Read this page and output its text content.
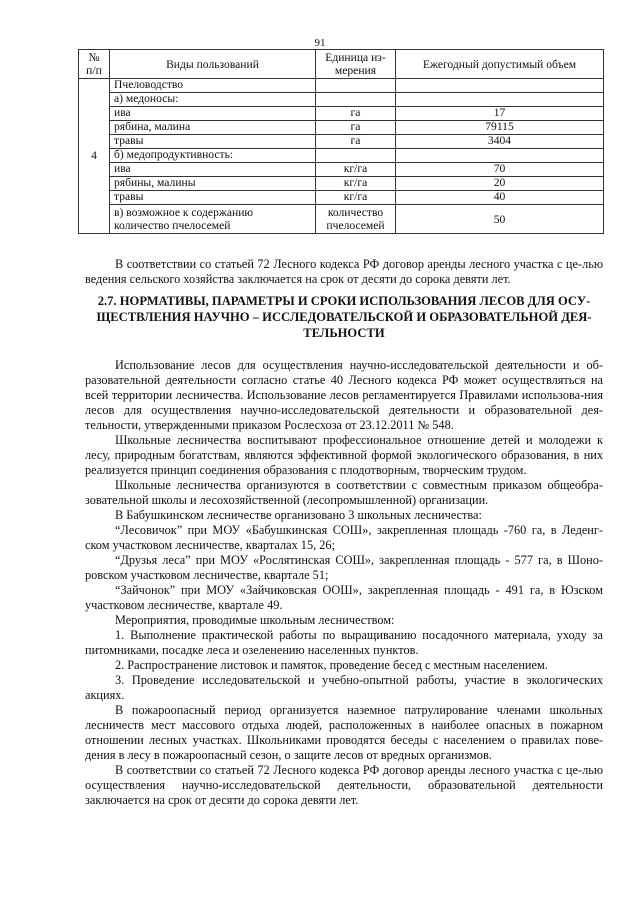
91
№ п/п	Виды пользований	Единица из-мерения	Ежегодный допустимый объем
4	Пчеловодство		
	а) медоносы:		
	ива	га	17
	рябина, малина	га	79115
	травы	га	3404
	б) медопродуктивность:		
	ива	кг/га	70
	рябины, малины	кг/га	20
	травы	кг/га	40
	в) возможное к содержанию количество пчелосемей	количество пчелосемей	50

В соответствии со статьей 72 Лесного кодекса РФ договор аренды лесного участка с це-лью ведения сельского хозяйства заключается на срок от десяти до сорока девяти лет.

2.7. НОРМАТИВЫ, ПАРАМЕТРЫ И СРОКИ ИСПОЛЬЗОВАНИЯ ЛЕСОВ ДЛЯ ОСУ-ЩЕСТВЛЕНИЯ НАУЧНО – ИССЛЕДОВАТЕЛЬСКОЙ И ОБРАЗОВАТЕЛЬНОЙ ДЕЯ-ТЕЛЬНОСТИ

Использование лесов для осуществления научно-исследовательской деятельности и об-разовательной деятельности согласно статье 40 Лесного кодекса РФ может осуществляться на всей территории лесничества. Использование лесов регламентируется Правилами использова-ния лесов для осуществления научно-исследовательской деятельности и образовательной дея-тельности, утвержденными приказом Рослесхоза от 23.12.2011 № 548.

Школьные лесничества воспитывают профессиональное отношение детей и молодежи к лесу, природным богатствам, являются эффективной формой экологического образования, в них реализуется принцип соединения образования с плодотворным, творческим трудом.

Школьные лесничества организуются в соответствии с совместным приказом общеобра-зовательной школы и лесохозяйственной (лесопромышленной) организации.

В Бабушкинском лесничестве организовано 3 школьных лесничества:

“Лесовичок” при МОУ «Бабушкинская СОШ», закрепленная площадь -760 га, в Леденг-ском участковом лесничестве, кварталах 15, 26;

“Друзья леса” при МОУ «Рослятинская СОШ», закрепленная площадь - 577 га, в Шоно-ровском участковом лесничестве, квартале 51;

“Зайчонок” при МОУ «Зайчиковская ООШ», закрепленная площадь - 491 га, в Юзском участковом лесничестве, квартале 49.

Мероприятия, проводимые школьным лесничеством:

1. Выполнение практической работы по выращиванию посадочного материала, уходу за питомниками, посадке леса и озеленению населенных пунктов.

2. Распространение листовок и памяток, проведение бесед с местным населением.

3. Проведение исследовательской и учебно-опытной работы, участие в экологических акциях.

В пожароопасный период организуется наземное патрулирование членами школьных лесничеств мест массового отдыха людей, расположенных в наиболее опасных в пожарном отношении лесных участках. Школьниками проводятся беседы с населением о правилах пове-дения в лесу в пожароопасный сезон, о защите лесов от вредных организмов.

В соответствии со статьей 72 Лесного кодекса РФ договор аренды лесного участка с це-лью осуществления научно-исследовательской деятельности, образовательной деятельности заключается на срок от десяти до сорока девяти лет.
